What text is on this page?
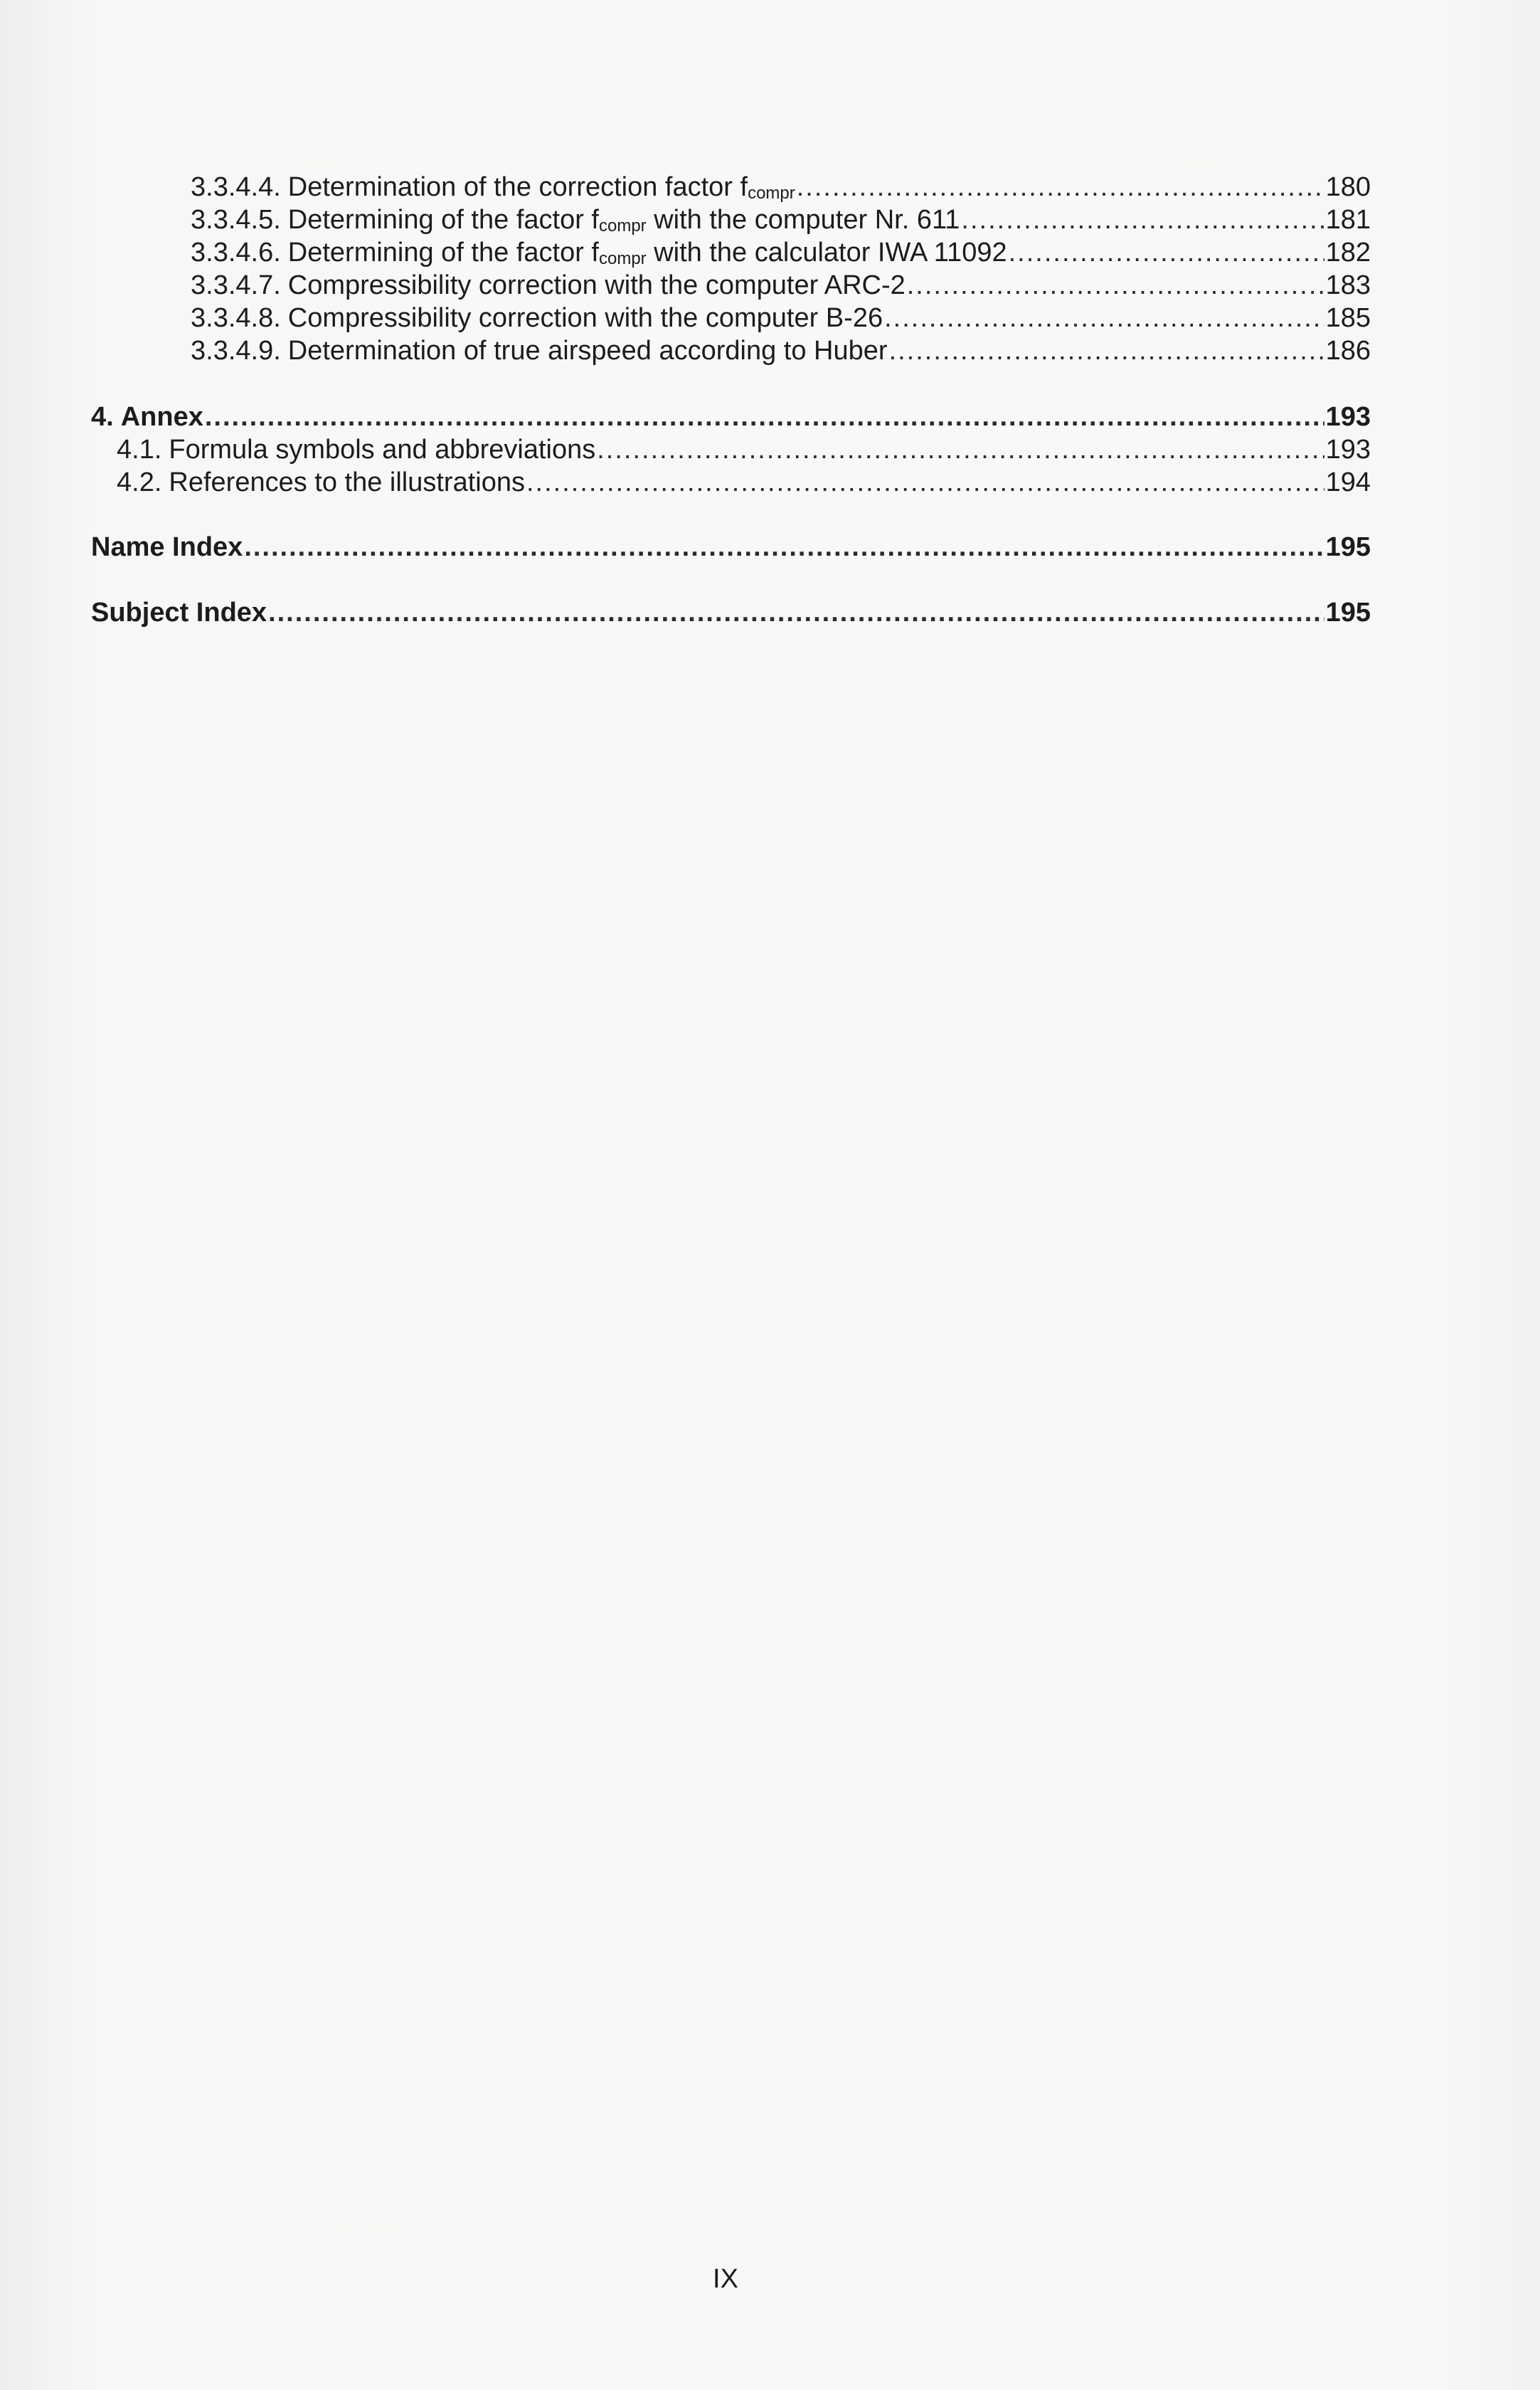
3.3.4.4. Determination of the correction factor fcompr .....	180
3.3.4.5. Determining of the factor fcompr with the computer Nr. 611 .....	181
3.3.4.6. Determining of the factor fcompr with the calculator IWA 11092 .....	182
3.3.4.7. Compressibility correction with the computer ARC-2 .....	183
3.3.4.8. Compressibility correction with the computer B-26 .....	185
3.3.4.9. Determination of true airspeed according to Huber .....	186
4. Annex .....	193
4.1. Formula symbols and abbreviations .....	193
4.2. References to the illustrations .....	194
Name Index .....	195
Subject Index .....	195
IX
